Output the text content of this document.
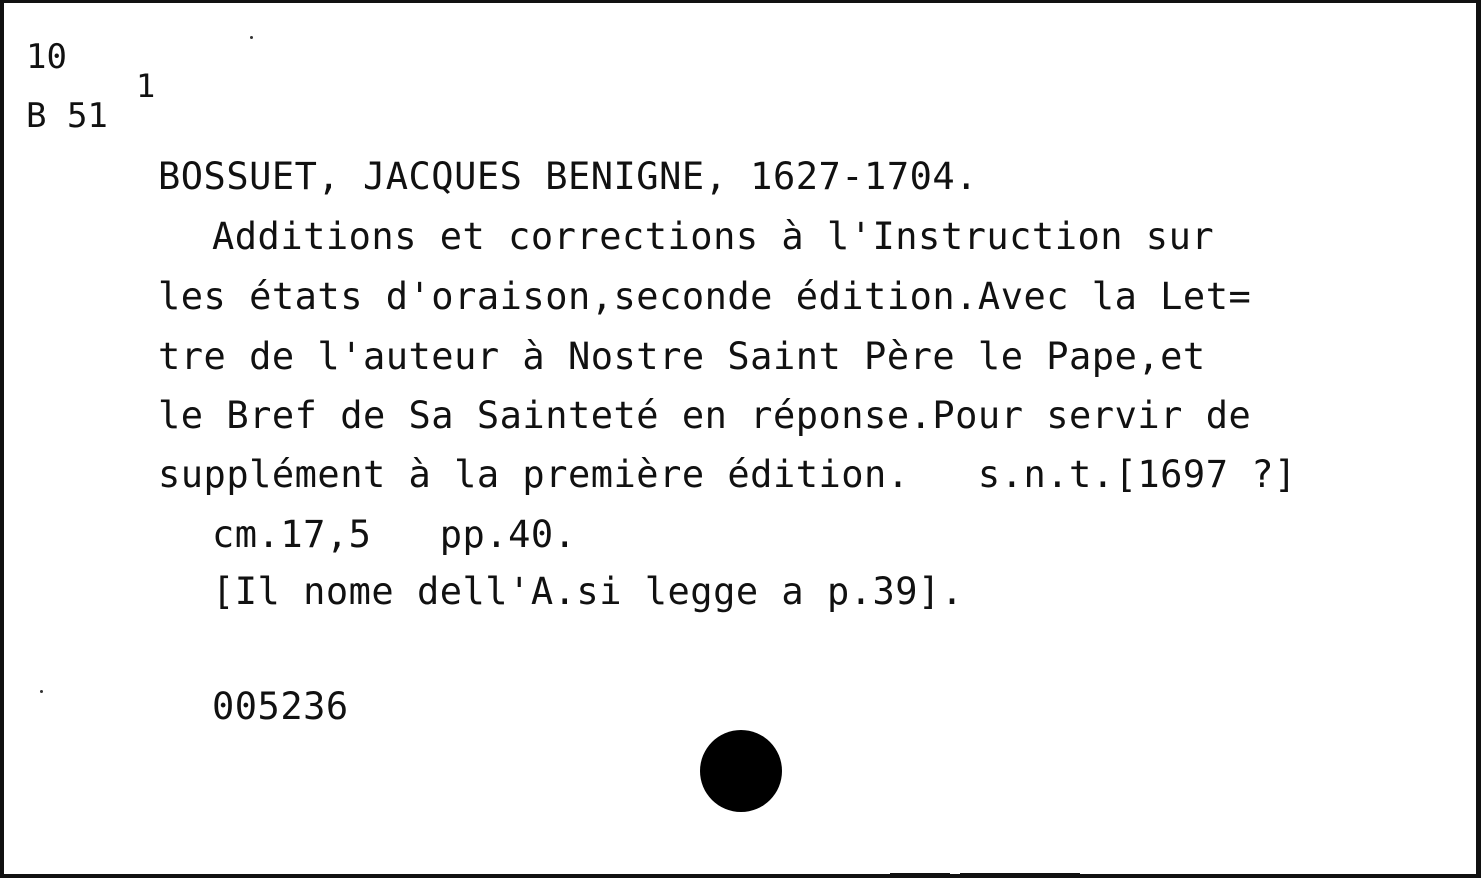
10
B 51
1
BOSSUET, JACQUES BENIGNE, 1627-1704.
Additions et corrections à l'Instruction sur
les états d'oraison,seconde édition.Avec la Let=
tre de l'auteur à Nostre Saint Père le Pape,et
le Bref de Sa Sainteté en réponse.Pour servir de
supplément à la première édition.   s.n.t.[1697 ?]
cm.17,5   pp.40.
[Il nome dell'A.si legge a p.39].
005236
